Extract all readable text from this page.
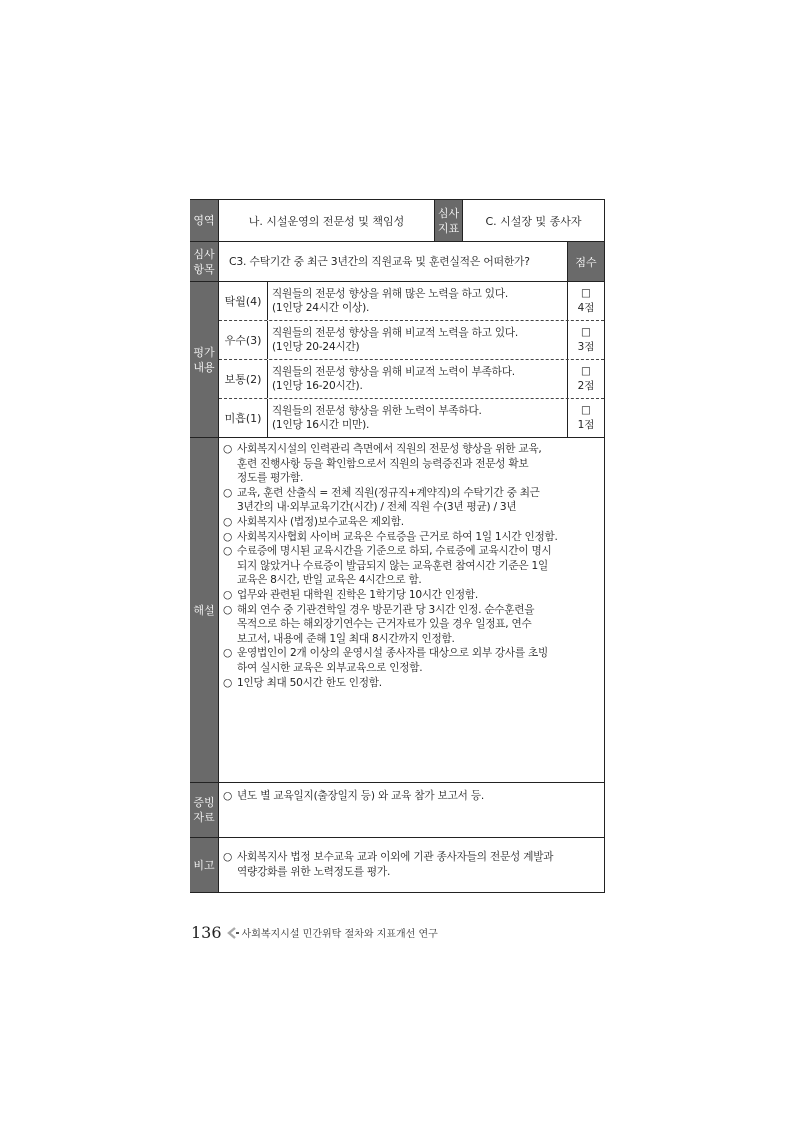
영역	나. 시설운영의 전문성 및 책임성
심사
지표
C. 시설장 및 종사자
심사
항목
C3. 수탁기간 중 최근 3년간의 직원교육 및 훈련실적은 어떠한가?	점수
평가
내용
탁월(4)
직원들의 전문성 향상을 위해 많은 노력을 하고 있다.
(1인당 24시간 이상).
□
4점
우수(3)
직원들의 전문성 향상을 위해 비교적 노력을 하고 있다.
(1인당 20-24시간)
□
3점
보통(2)
직원들의 전문성 향상을 위해 비교적 노력이 부족하다.
(1인당 16-20시간).
□
2점
미흡(1)
직원들의 전문성 향상을 위한 노력이 부족하다.
(1인당 16시간 미만).
□
1점
해설
○ 사회복지시설의 인력관리 측면에서 직원의 전문성 향상을 위한 교육,
훈련 진행사항 등을 확인함으로서 직원의 능력증진과 전문성 확보
정도를 평가함.
○ 교육, 훈련 산출식 = 전체 직원(정규직+계약직)의 수탁기간 중 최근
3년간의 내·외부교육기간(시간) / 전체 직원 수(3년 평균) / 3년
○ 사회복지사 (법정)보수교육은 제외함.
○ 사회복지사협회 사이버 교육은 수료증을 근거로 하여 1일 1시간 인정함.
○ 수료증에 명시된 교육시간을 기준으로 하되, 수료증에 교육시간이 명시
되지 않았거나 수료증이 발급되지 않는 교육훈련 참여시간 기준은 1일
교육은 8시간, 반일 교육은 4시간으로 함.
○ 업무와 관련된 대학원 진학은 1학기당 10시간 인정함.
○ 해외 연수 중 기관견학일 경우 방문기관 당 3시간 인정. 순수훈련을
목적으로 하는 해외장기연수는 근거자료가 있을 경우 일정표, 연수
보고서, 내용에 준해 1일 최대 8시간까지 인정함.
○ 운영법인이 2개 이상의 운영시설 종사자를 대상으로 외부 강사를 초빙
하여 실시한 교육은 외부교육으로 인정함.
○ 1인당 최대 50시간 한도 인정함.
증빙
자료
○ 년도 별 교육일지(출장일지 등) 와 교육 참가 보고서 등.
비고
○ 사회복지사 법정 보수교육 교과 이외에 기관 종사자들의 전문성 계발과
역량강화를 위한 노력정도를 평가.
136 사회복지시설 민간위탁 절차와 지표개선 연구
